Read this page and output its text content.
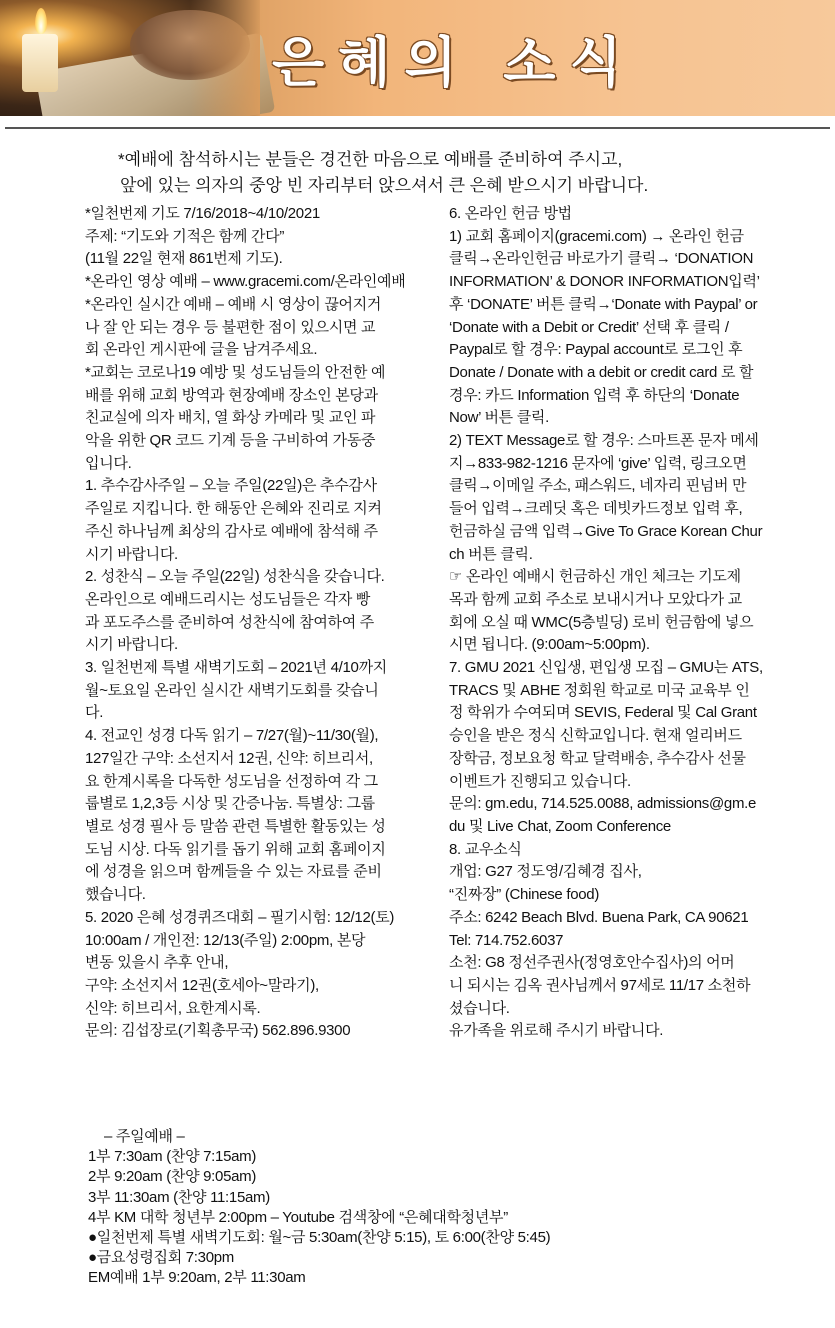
은혜의 소식
*예배에 참석하시는 분들은 경건한 마음으로 예배를 준비하여 주시고,
앞에 있는 의자의 중앙 빈 자리부터 앉으셔서 큰 은혜 받으시기 바랍니다.

*일천번제 기도 7/16/2018~4/10/2021
주제: “기도와 기적은 함께 간다”
(11월 22일 현재 861번제 기도).
*온라인 영상 예배 – www.gracemi.com/온라인예배
*온라인 실시간 예배 – 예배 시 영상이 끊어지거
나 잘 안 되는 경우 등 불편한 점이 있으시면 교
회 온라인 게시판에 글을 남겨주세요.
*교회는 코로나19 예방 및 성도님들의 안전한 예
배를 위해 교회 방역과 현장예배 장소인 본당과
친교실에 의자 배치, 열 화상 카메라 및 교인 파
악을 위한 QR 코드 기계 등을 구비하여 가동중
입니다.

1. 추수감사주일 – 오늘 주일(22일)은 추수감사
주일로 지킵니다. 한 해동안 은혜와 진리로 지켜
주신 하나님께 최상의 감사로 예배에 참석해 주
시기 바랍니다.

2. 성찬식 – 오늘 주일(22일) 성찬식을 갖습니다.
온라인으로 예배드리시는 성도님들은 각자 빵
과 포도주스를 준비하여 성찬식에 참여하여 주
시기 바랍니다.

3. 일천번제 특별 새벽기도회 – 2021년 4/10까지
월~토요일 온라인 실시간 새벽기도회를 갖습니
다.

4. 전교인 성경 다독 읽기 – 7/27(월)~11/30(월),
127일간 구약: 소선지서 12권, 신약: 히브리서,
요 한계시록을 다독한 성도님을 선정하여 각 그
룹별로 1,2,3등 시상 및 간증나눔. 특별상: 그룹
별로 성경 필사 등 말씀 관련 특별한 활동있는 성
도님 시상. 다독 읽기를 돕기 위해 교회 홈페이지
에 성경을 읽으며 함께들을 수 있는 자료를 준비
했습니다.

5. 2020 은혜 성경퀴즈대회 – 필기시험: 12/12(토)
10:00am / 개인전: 12/13(주일) 2:00pm, 본당
변동 있을시 추후 안내,
구약: 소선지서 12권(호세아~말라기),
신약: 히브리서, 요한계시록.
문의: 김섭장로(기획총무국) 562.896.9300

6. 온라인 헌금 방법
1) 교회 홈페이지(gracemi.com) → 온라인 헌금
클릭→온라인헌금 바로가기 클릭→ ‘DONATION
INFORMATION’ & DONOR INFORMATION입력’
후 ‘DONATE’ 버튼 클릭→‘Donate with Paypal’ or
‘Donate with a Debit or Credit’ 선택 후 클릭 /
Paypal로 할 경우: Paypal account로 로그인 후
Donate / Donate with a debit or credit card 로 할
경우: 카드 Information 입력 후 하단의 ‘Donate
Now’ 버튼 클릭.
2) TEXT Message로 할 경우: 스마트폰 문자 메세
지→833-982-1216 문자에 ‘give’ 입력, 링크오면
클릭→이메일 주소, 패스워드, 네자리 핀넘버 만
들어 입력→크레딧 혹은 데빗카드정보 입력 후,
헌금하실 금액 입력→Give To Grace Korean Chur
ch 버튼 클릭.
☞ 온라인 예배시 헌금하신 개인 체크는 기도제
목과 함께 교회 주소로 보내시거나 모았다가 교
회에 오실 때 WMC(5층빌딩) 로비 헌금함에 넣으
시면 됩니다. (9:00am~5:00pm).

7. GMU 2021 신입생, 편입생 모집 – GMU는 ATS,
TRACS 및 ABHE 정회원 학교로 미국 교육부 인
정 학위가 수여되며 SEVIS, Federal 및 Cal Grant
승인을 받은 정식 신학교입니다. 현재 얼리버드
장학금, 정보요청 학교 달력배송, 추수감사 선물
이벤트가 진행되고 있습니다.
문의: gm.edu, 714.525.0088, admissions@gm.e
du 및 Live Chat, Zoom Conference

8. 교우소식
개업: G27 정도영/김혜경 집사,
“진짜장” (Chinese food)
주소: 6242 Beach Blvd. Buena Park, CA 90621
Tel: 714.752.6037

소천: G8 정선주권사(정영호안수집사)의 어머
니 되시는 김옥 권사님께서 97세로 11/17 소천하
셨습니다.
유가족을 위로해 주시기 바랍니다.

– 주일예배 –
1부 7:30am (찬양 7:15am)
2부 9:20am (찬양 9:05am)
3부 11:30am (찬양 11:15am)
4부 KM 대학 청년부 2:00pm – Youtube 검색창에 “은혜대학청년부”
●일천번제 특별 새벽기도회: 월~금 5:30am(찬양 5:15), 토 6:00(찬양 5:45)
●금요성령집회 7:30pm
EM예배 1부 9:20am, 2부 11:30am
